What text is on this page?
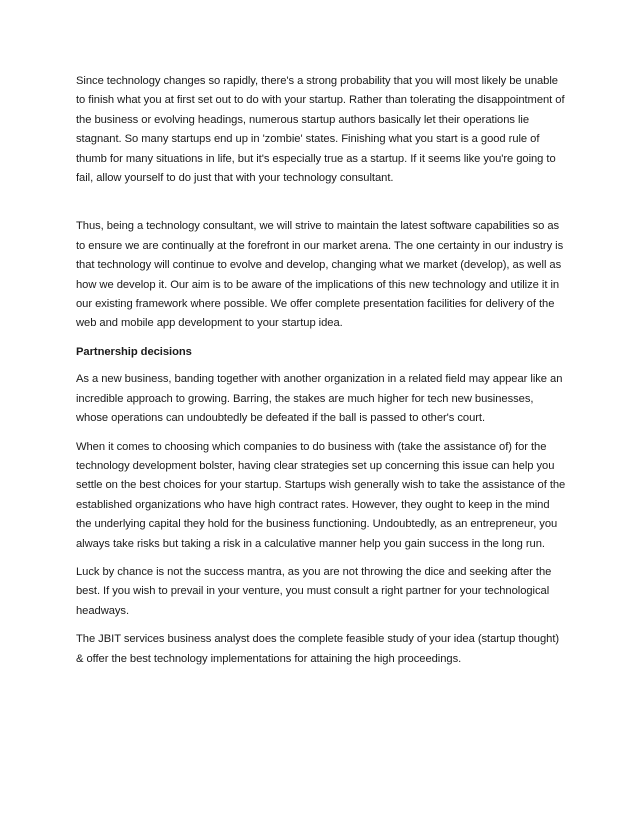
Since technology changes so rapidly, there's a strong probability that you will most likely be unable to finish what you at first set out to do with your startup. Rather than tolerating the disappointment of the business or evolving headings, numerous startup authors basically let their operations lie stagnant. So many startups end up in 'zombie' states. Finishing what you start is a good rule of thumb for many situations in life, but it's especially true as a startup. If it seems like you're going to fail, allow yourself to do just that with your technology consultant.

Thus, being a technology consultant, we will strive to maintain the latest software capabilities so as to ensure we are continually at the forefront in our market arena. The one certainty in our industry is that technology will continue to evolve and develop, changing what we market (develop), as well as how we develop it. Our aim is to be aware of the implications of this new technology and utilize it in our existing framework where possible. We offer complete presentation facilities for delivery of the web and mobile app development to your startup idea.

Partnership decisions

As a new business, banding together with another organization in a related field may appear like an incredible approach to growing. Barring, the stakes are much higher for tech new businesses, whose operations can undoubtedly be defeated if the ball is passed to other's court.

When it comes to choosing which companies to do business with (take the assistance of) for the technology development bolster, having clear strategies set up concerning this issue can help you settle on the best choices for your startup. Startups wish generally wish to take the assistance of the established organizations who have high contract rates. However, they ought to keep in the mind the underlying capital they hold for the business functioning. Undoubtedly, as an entrepreneur, you always take risks but taking a risk in a calculative manner help you gain success in the long run.

Luck by chance is not the success mantra, as you are not throwing the dice and seeking after the best. If you wish to prevail in your venture, you must consult a right partner for your technological headways.

The JBIT services business analyst does the complete feasible study of your idea (startup thought) & offer the best technology implementations for attaining the high proceedings.
